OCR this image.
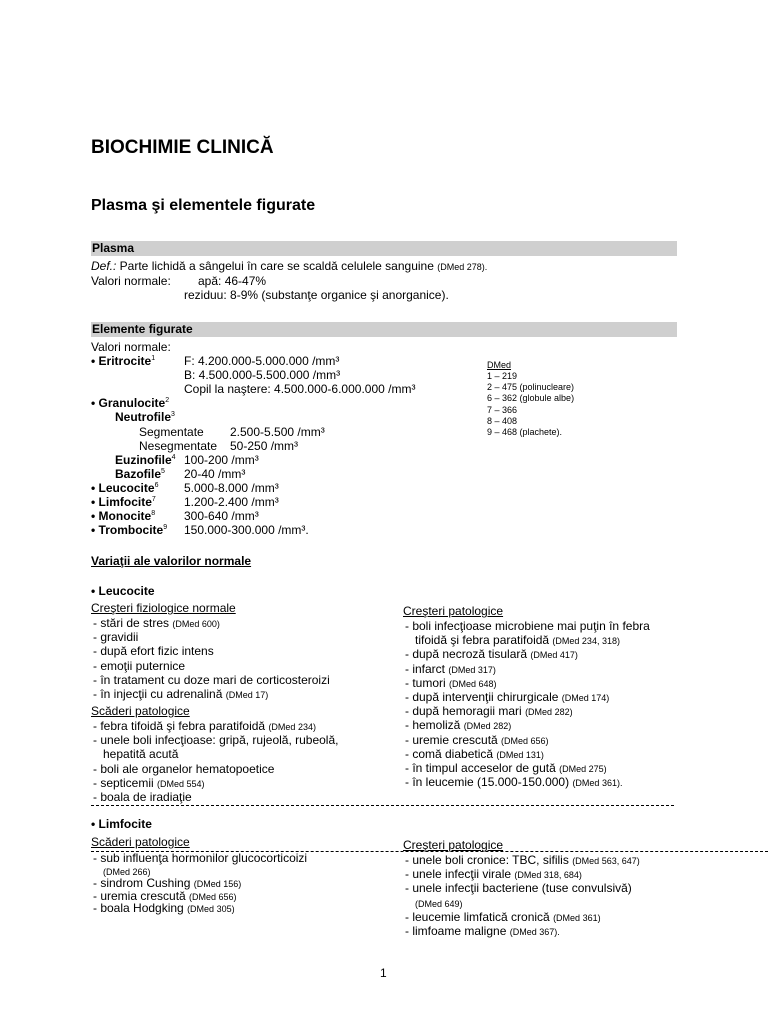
BIOCHIMIE CLINICĂ
Plasma şi elementele figurate
Plasma
Def.: Parte lichidă a sângelui în care se scaldă celulele sanguine (DMed 278).
Valori normale: apă: 46-47%
reziduu: 8-9% (substanţe organice şi anorganice).
Elemente figurate
Valori normale:
• Eritrocite$^1$ F: 4.200.000-5.000.000 /mm³
B: 4.500.000-5.500.000 /mm³
Copil la naştere: 4.500.000-6.000.000 /mm³
• Granulocite$^2$
Neutrofile$^3$
Segmentate 2.500-5.500 /mm³
Nesegmentate 50-250 /mm³
Euzinofile$^4$ 100-200 /mm³
Bazofile$^5$ 20-40 /mm³
• Leucocite$^6$ 5.000-8.000 /mm³
• Limfocite$^7$ 1.200-2.400 /mm³
• Monocite$^8$ 300-640 /mm³
• Trombocite$^9$ 150.000-300.000 /mm³.
DMed
1 – 219
2 – 475 (polinucleare)
6 – 362 (globule albe)
7 – 366
8 – 408
9 – 468 (plachete).
Variaţii ale valorilor normale
• Leucocite
Creşteri fiziologice normale
- stări de stres (DMed 600)
- gravidii
- după efort fizic intens
- emoţii puternice
- în tratament cu doze mari de corticosteroizi
- în injecţii cu adrenalină (DMed 17)
Scăderi patologice
- febra tifoidă şi febra paratifoidă (DMed 234)
- unele boli infecţioase: gripă, rujeolă, rubeolă,
hepatită acută
- boli ale organelor hematopoetice
- septicemii (DMed 554)
- boala de iradiaţie
Creşteri patologice
- boli infecţioase microbiene mai puţin în febra
tifoidă şi febra paratifoidă (DMed 234, 318)
- după necroză tisulară (DMed 417)
- infarct (DMed 317)
- tumori (DMed 648)
- după intervenţii chirurgicale (DMed 174)
- după hemoragii mari (DMed 282)
- hemoliză (DMed 282)
- uremie crescută (DMed 656)
- comă diabetică (DMed 131)
- în timpul acceselor de gută (DMed 275)
- în leucemie (15.000-150.000) (DMed 361).
• Limfocite
Scăderi patologice
- sub influenţa hormonilor glucocorticoizi
(DMed 266)
- sindrom Cushing (DMed 156)
- uremia crescută (DMed 656)
- boala Hodgking (DMed 305)
Creşteri patologice
- unele boli cronice: TBC, sifilis (DMed 563, 647)
- unele infecţii virale (DMed 318, 684)
- unele infecţii bacteriene (tuse convulsivă)
(DMed 649)
- leucemie limfatică cronică (DMed 361)
- limfoame maligne (DMed 367).
1
